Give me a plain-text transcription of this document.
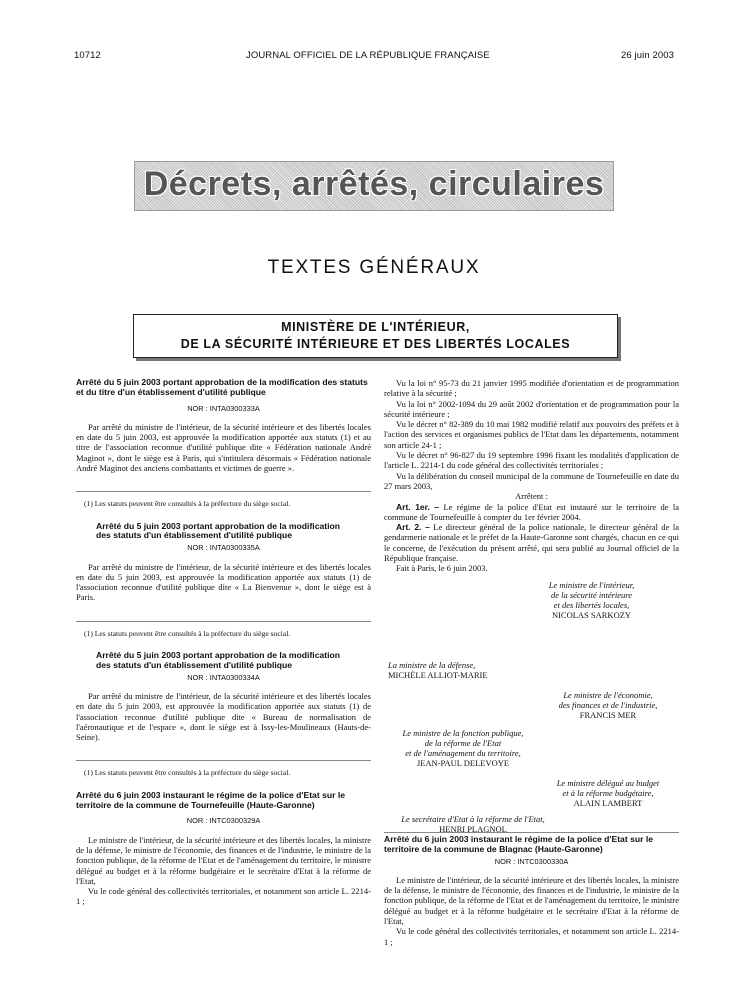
10712	JOURNAL OFFICIEL DE LA RÉPUBLIQUE FRANÇAISE	26 juin 2003
Décrets, arrêtés, circulaires
TEXTES GÉNÉRAUX
MINISTÈRE DE L'INTÉRIEUR,
DE LA SÉCURITÉ INTÉRIEURE ET DES LIBERTÉS LOCALES
Arrêté du 5 juin 2003 portant approbation de la modification des statuts et du titre d'un établissement d'utilité publique
NOR : INTA0300333A

Par arrêté du ministre de l'intérieur, de la sécurité intérieure et des libertés locales en date du 5 juin 2003, est approuvée la modification apportée aux statuts (1) et au titre de l'association reconnue d'utilité publique dite « Fédération nationale André Maginot », dont le siège est à Paris, qui s'intitulera désormais « Fédération nationale André Maginot des anciens combattants et victimes de guerre ».

(1) Les statuts peuvent être consultés à la préfecture du siège social.

Arrêté du 5 juin 2003 portant approbation de la modification des statuts d'un établissement d'utilité publique
NOR : INTA0300335A

Par arrêté du ministre de l'intérieur, de la sécurité intérieure et des libertés locales en date du 5 juin 2003, est approuvée la modification apportée aux statuts (1) de l'association reconnue d'utilité publique dite « La Bienvenue », dont le siège est à Paris.

(1) Les statuts peuvent être consultés à la préfecture du siège social.

Arrêté du 5 juin 2003 portant approbation de la modification des statuts d'un établissement d'utilité publique
NOR : INTA0300334A

Par arrêté du ministre de l'intérieur, de la sécurité intérieure et des libertés locales en date du 5 juin 2003, est approuvée la modification apportée aux statuts (1) de l'association reconnue d'utilité publique dite « Bureau de normalisation de l'aéronautique et de l'espace », dont le siège est à Issy-les-Moulineaux (Hauts-de-Seine).

(1) Les statuts peuvent être consultés à la préfecture du siège social.

Arrêté du 6 juin 2003 instaurant le régime de la police d'Etat sur le territoire de la commune de Tournefeuille (Haute-Garonne)
NOR : INTC0300329A

Le ministre de l'intérieur, de la sécurité intérieure et des libertés locales, la ministre de la défense, le ministre de l'économie, des finances et de l'industrie, le ministre de la fonction publique, de la réforme de l'Etat et de l'aménagement du territoire, le ministre délégué au budget et à la réforme budgétaire et le secrétaire d'Etat à la réforme de l'Etat,

Vu le code général des collectivités territoriales, et notamment son article L. 2214-1 ;

Vu la loi n° 95-73 du 21 janvier 1995 modifiée d'orientation et de programmation relative à la sécurité ;

Vu la loi n° 2002-1094 du 29 août 2002 d'orientation et de programmation pour la sécurité intérieure ;

Vu le décret n° 82-389 du 10 mai 1982 modifié relatif aux pouvoirs des préfets et à l'action des services et organismes publics de l'Etat dans les départements, notamment son article 24-1 ;

Vu le décret n° 96-827 du 19 septembre 1996 fixant les modalités d'application de l'article L. 2214-1 du code général des collectivités territoriales ;

Vu la délibération du conseil municipal de la commune de Tournefeuille en date du 27 mars 2003,

Arrêtent :

Art. 1er. – Le régime de la police d'Etat est instauré sur le territoire de la commune de Tournefeuille à compter du 1er février 2004.

Art. 2. – Le directeur général de la police nationale, le directeur général de la gendarmerie nationale et le préfet de la Haute-Garonne sont chargés, chacun en ce qui le concerne, de l'exécution du présent arrêté, qui sera publié au Journal officiel de la République française.

Fait à Paris, le 6 juin 2003.

Le ministre de l'intérieur,
de la sécurité intérieure
et des libertés locales,
NICOLAS SARKOZY
La ministre de la défense,
MICHÈLE ALLIOT-MARIE
Le ministre de l'économie,
des finances et de l'industrie,
FRANCIS MER
Le ministre de la fonction publique,
de la réforme de l'Etat
et de l'aménagement du territoire,
JEAN-PAUL DELEVOYE
Le ministre délégué au budget
et à la réforme budgétaire,
ALAIN LAMBERT
Le secrétaire d'Etat à la réforme de l'Etat,
HENRI PLAGNOL
Arrêté du 6 juin 2003 instaurant le régime de la police d'Etat sur le territoire de la commune de Blagnac (Haute-Garonne)
NOR : INTC0300330A

Le ministre de l'intérieur, de la sécurité intérieure et des libertés locales, la ministre de la défense, le ministre de l'économie, des finances et de l'industrie, le ministre de la fonction publique, de la réforme de l'Etat et de l'aménagement du territoire, le ministre délégué au budget et à la réforme budgétaire et le secrétaire d'Etat à la réforme de l'Etat,

Vu le code général des collectivités territoriales, et notamment son article L. 2214-1 ;
